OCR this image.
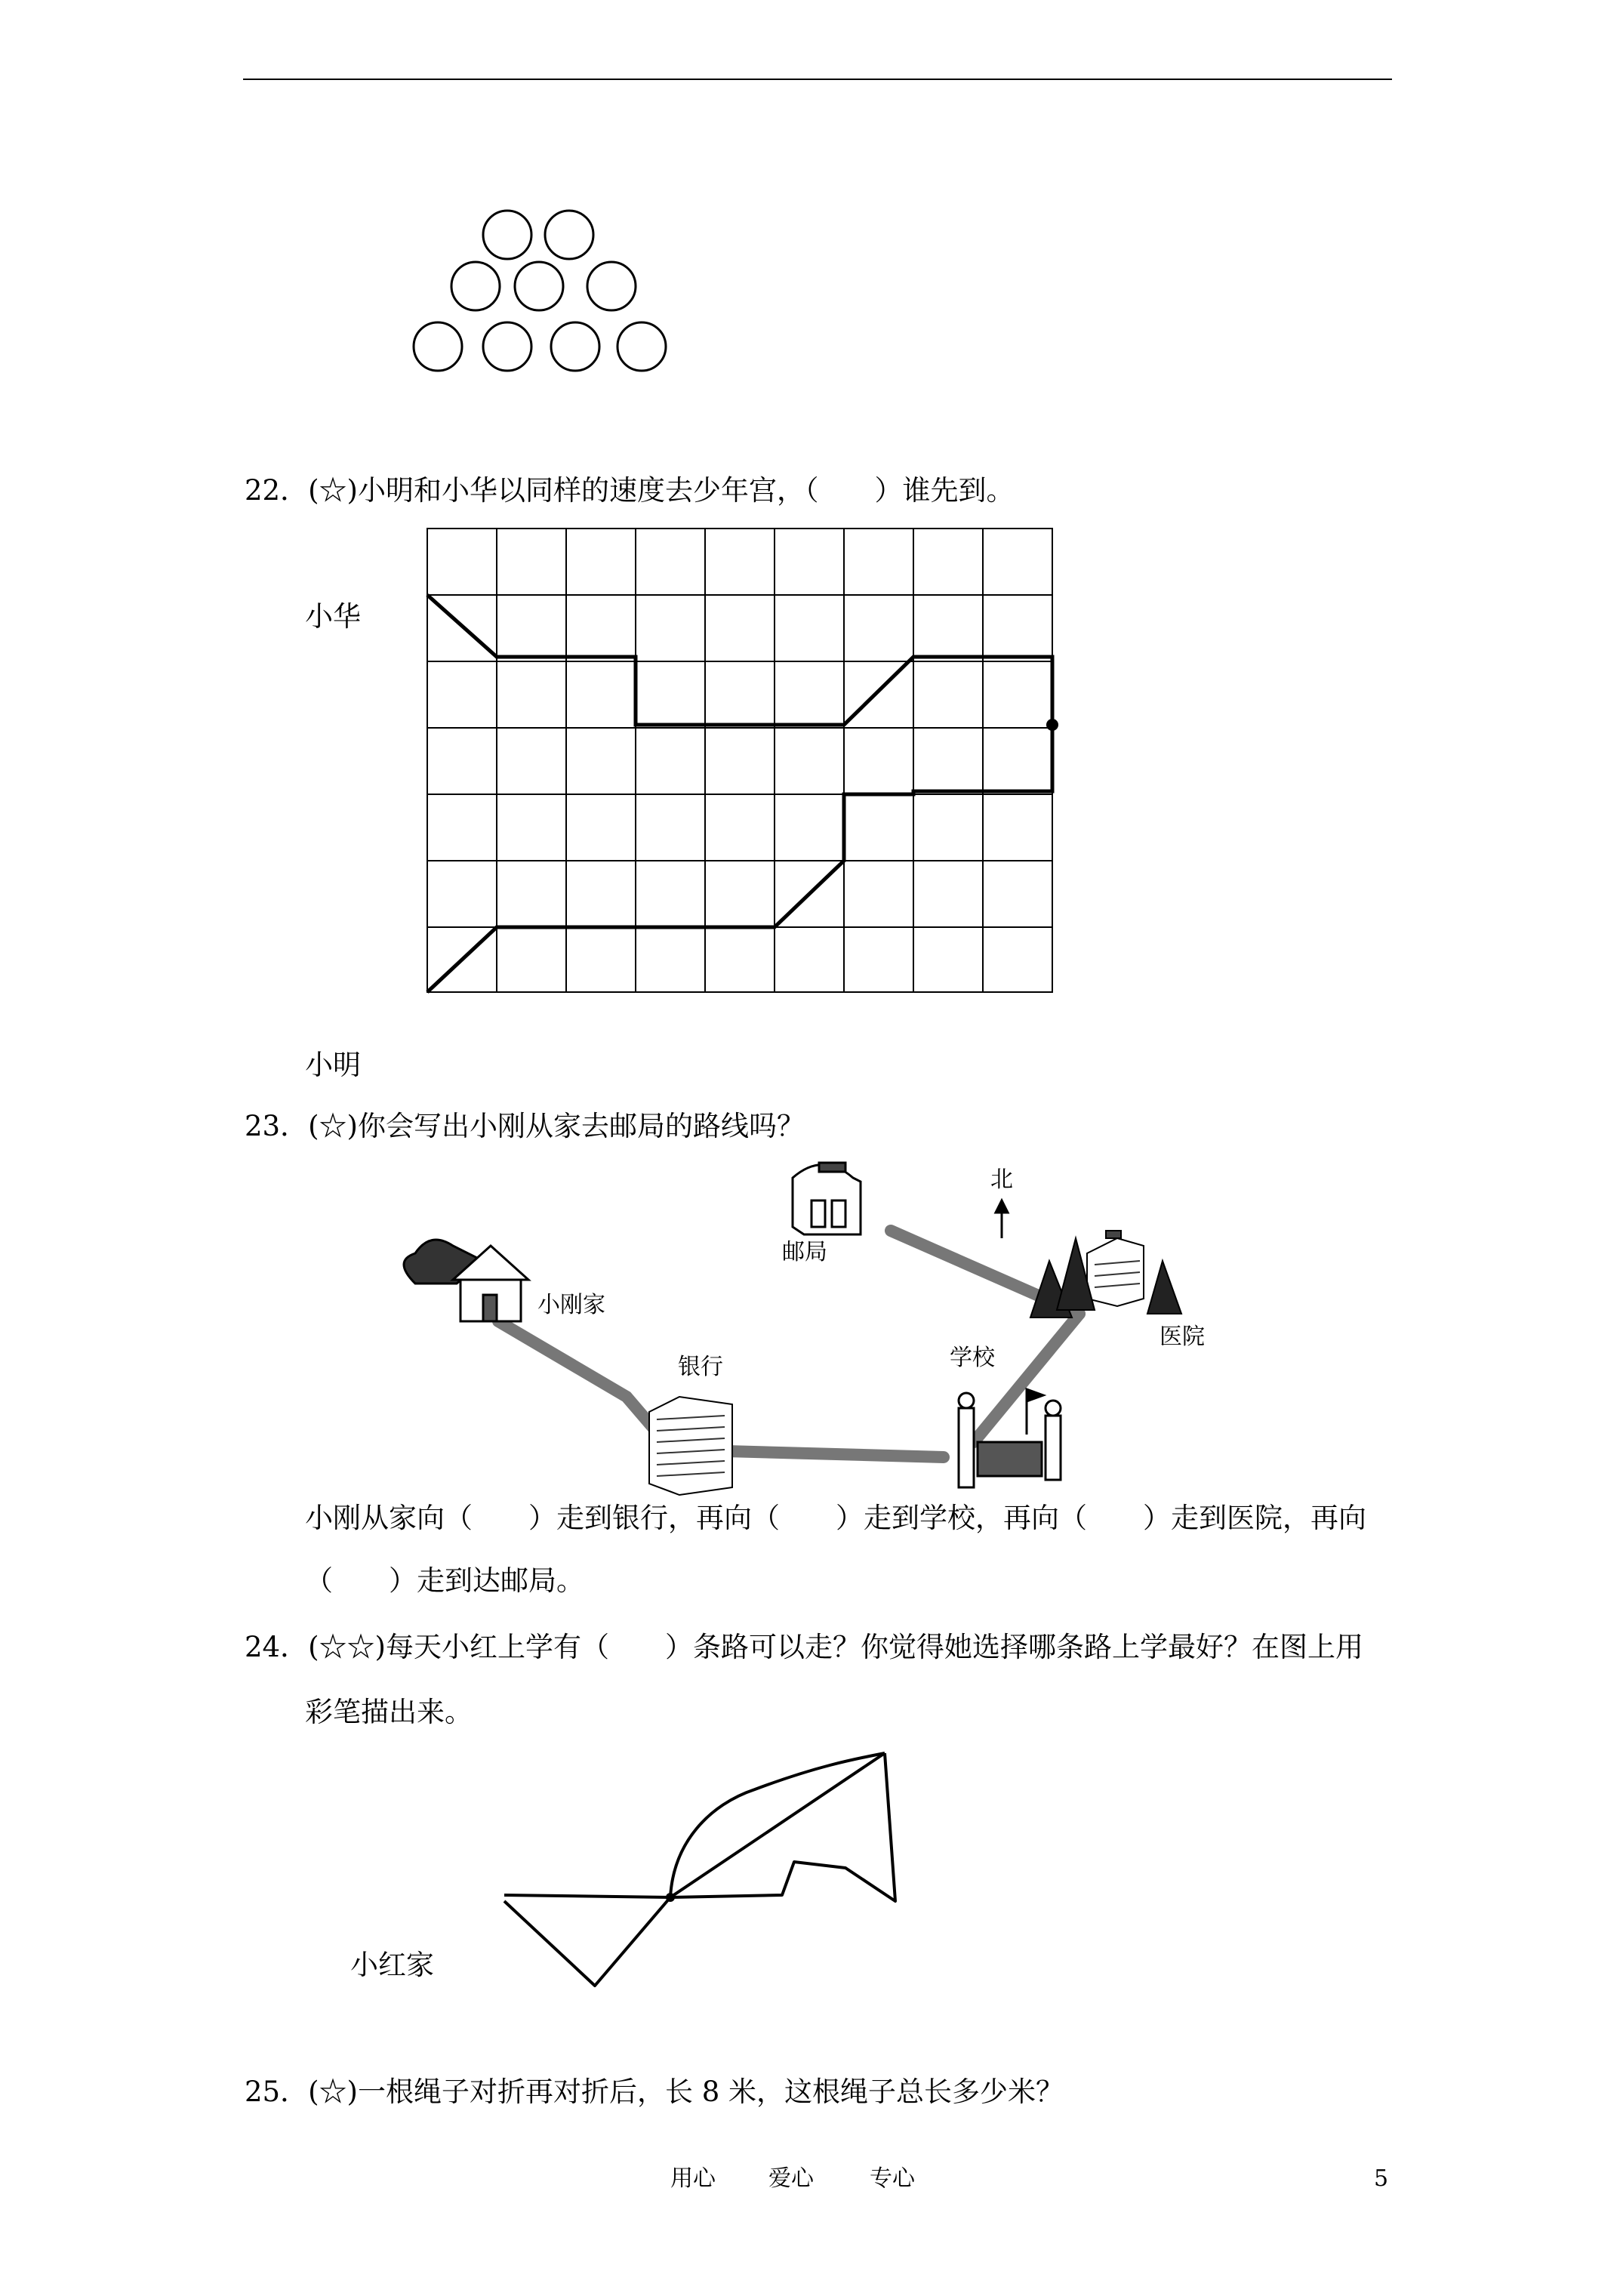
22．(☆)小明和小华以同样的速度去少年宫，（　　）谁先到。
小华
小明
23．(☆)你会写出小刚从家去邮局的路线吗？
北
邮局
小刚家
银行	学校
医院
小刚从家向（　　）走到银行，再向（　　）走到学校，再向（　　）走到医院，再向
（　　）走到达邮局。
24．(☆☆)每天小红上学有（　　）条路可以走？你觉得她选择哪条路上学最好？在图上用
彩笔描出来。
小红家
25．(☆)一根绳子对折再对折后，长 8 米，这根绳子总长多少米？
用心 爱心 专心	5
